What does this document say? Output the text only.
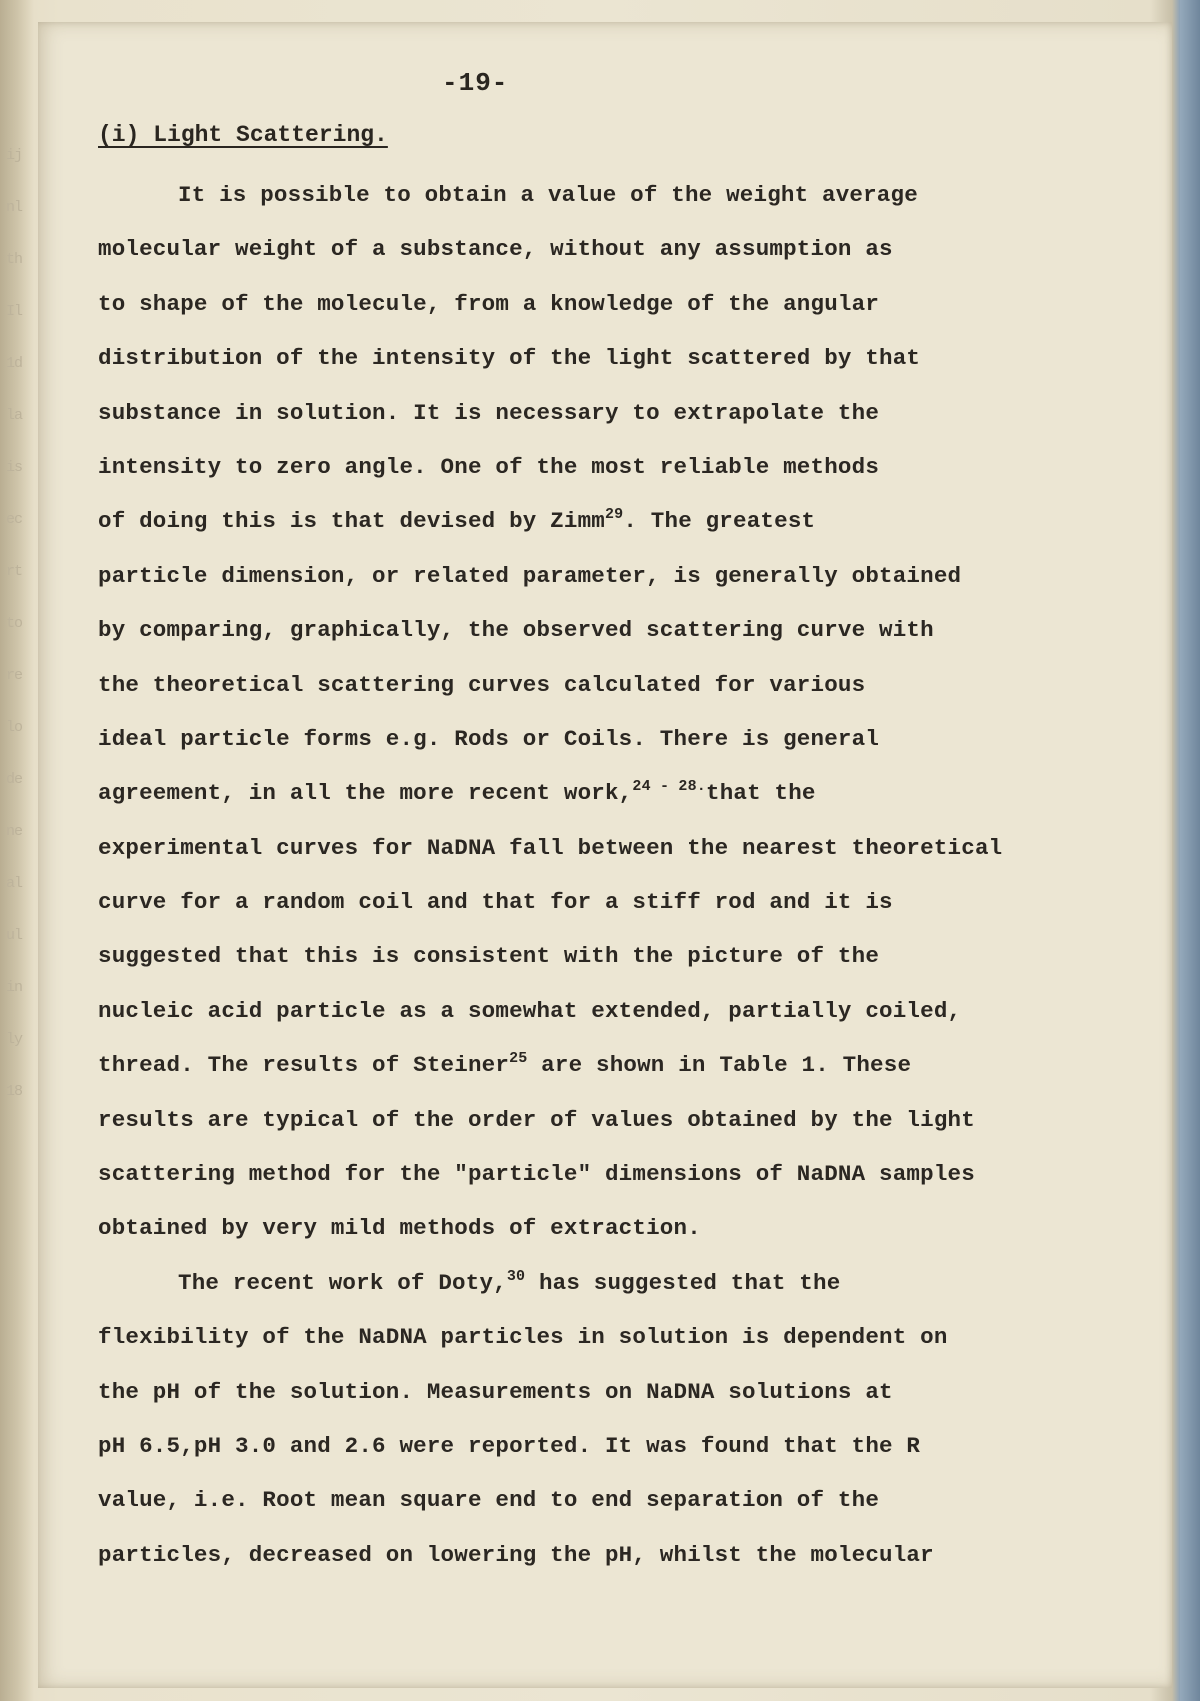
ij
nl
th
Il
1d
la
is
ec
rt
to
re
lo
de
ne
al
ul
in
ly
18

-19-
(i) Light Scattering.

It is possible to obtain a value of the weight average
molecular weight of a substance, without any assumption as
to shape of the molecule, from a knowledge of the angular
distribution of the intensity of the light scattered by that
substance in solution. It is necessary to extrapolate the
intensity to zero angle. One of the most reliable methods
of doing this is that devised by Zimm$^{29}$. The greatest
particle dimension, or related parameter, is generally obtained
by comparing, graphically, the observed scattering curve with
the theoretical scattering curves calculated for various
ideal particle forms e.g. Rods or Coils. There is general
agreement, in all the more recent work,$^{24 - 28.}$that the
experimental curves for NaDNA fall between the nearest theoretical
curve for a random coil and that for a stiff rod and it is
suggested that this is consistent with the picture of the
nucleic acid particle as a somewhat extended, partially coiled,
thread. The results of Steiner$^{25}$ are shown in Table 1. These
results are typical of the order of values obtained by the light
scattering method for the "particle" dimensions of NaDNA samples
obtained by very mild methods of extraction.

The recent work of Doty,$^{30}$ has suggested that the
flexibility of the NaDNA particles in solution is dependent on
the pH of the solution. Measurements on NaDNA solutions at
pH 6.5,pH 3.0 and 2.6 were reported. It was found that the R
value, i.e. Root mean square end to end separation of the
particles, decreased on lowering the pH, whilst the molecular
